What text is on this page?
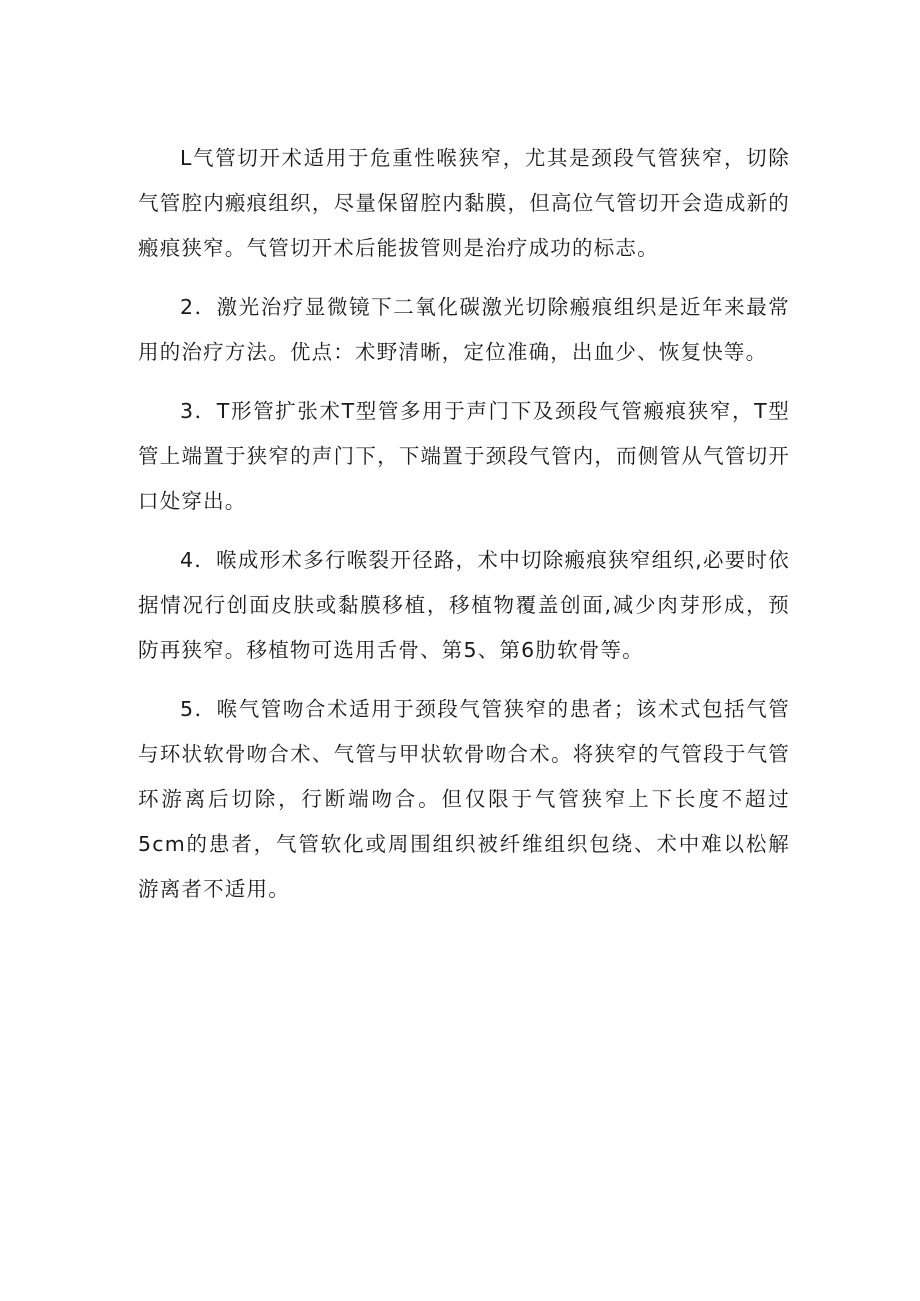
L气管切开术适用于危重性喉狭窄，尤其是颈段气管狭窄，切除气管腔内瘢痕组织，尽量保留腔内黏膜，但高位气管切开会造成新的瘢痕狭窄。气管切开术后能拔管则是治疗成功的标志。

2．激光治疗显微镜下二氧化碳激光切除瘢痕组织是近年来最常用的治疗方法。优点：术野清晰，定位准确，出血少、恢复快等。

3．T形管扩张术T型管多用于声门下及颈段气管瘢痕狭窄，T型管上端置于狭窄的声门下，下端置于颈段气管内，而侧管从气管切开口处穿出。

4．喉成形术多行喉裂开径路，术中切除瘢痕狭窄组织,必要时依据情况行创面皮肤或黏膜移植，移植物覆盖创面,减少肉芽形成，预防再狭窄。移植物可选用舌骨、第5、第6肋软骨等。

5．喉气管吻合术适用于颈段气管狭窄的患者；该术式包括气管与环状软骨吻合术、气管与甲状软骨吻合术。将狭窄的气管段于气管环游离后切除，行断端吻合。但仅限于气管狭窄上下长度不超过5cm的患者，气管软化或周围组织被纤维组织包绕、术中难以松解游离者不适用。
